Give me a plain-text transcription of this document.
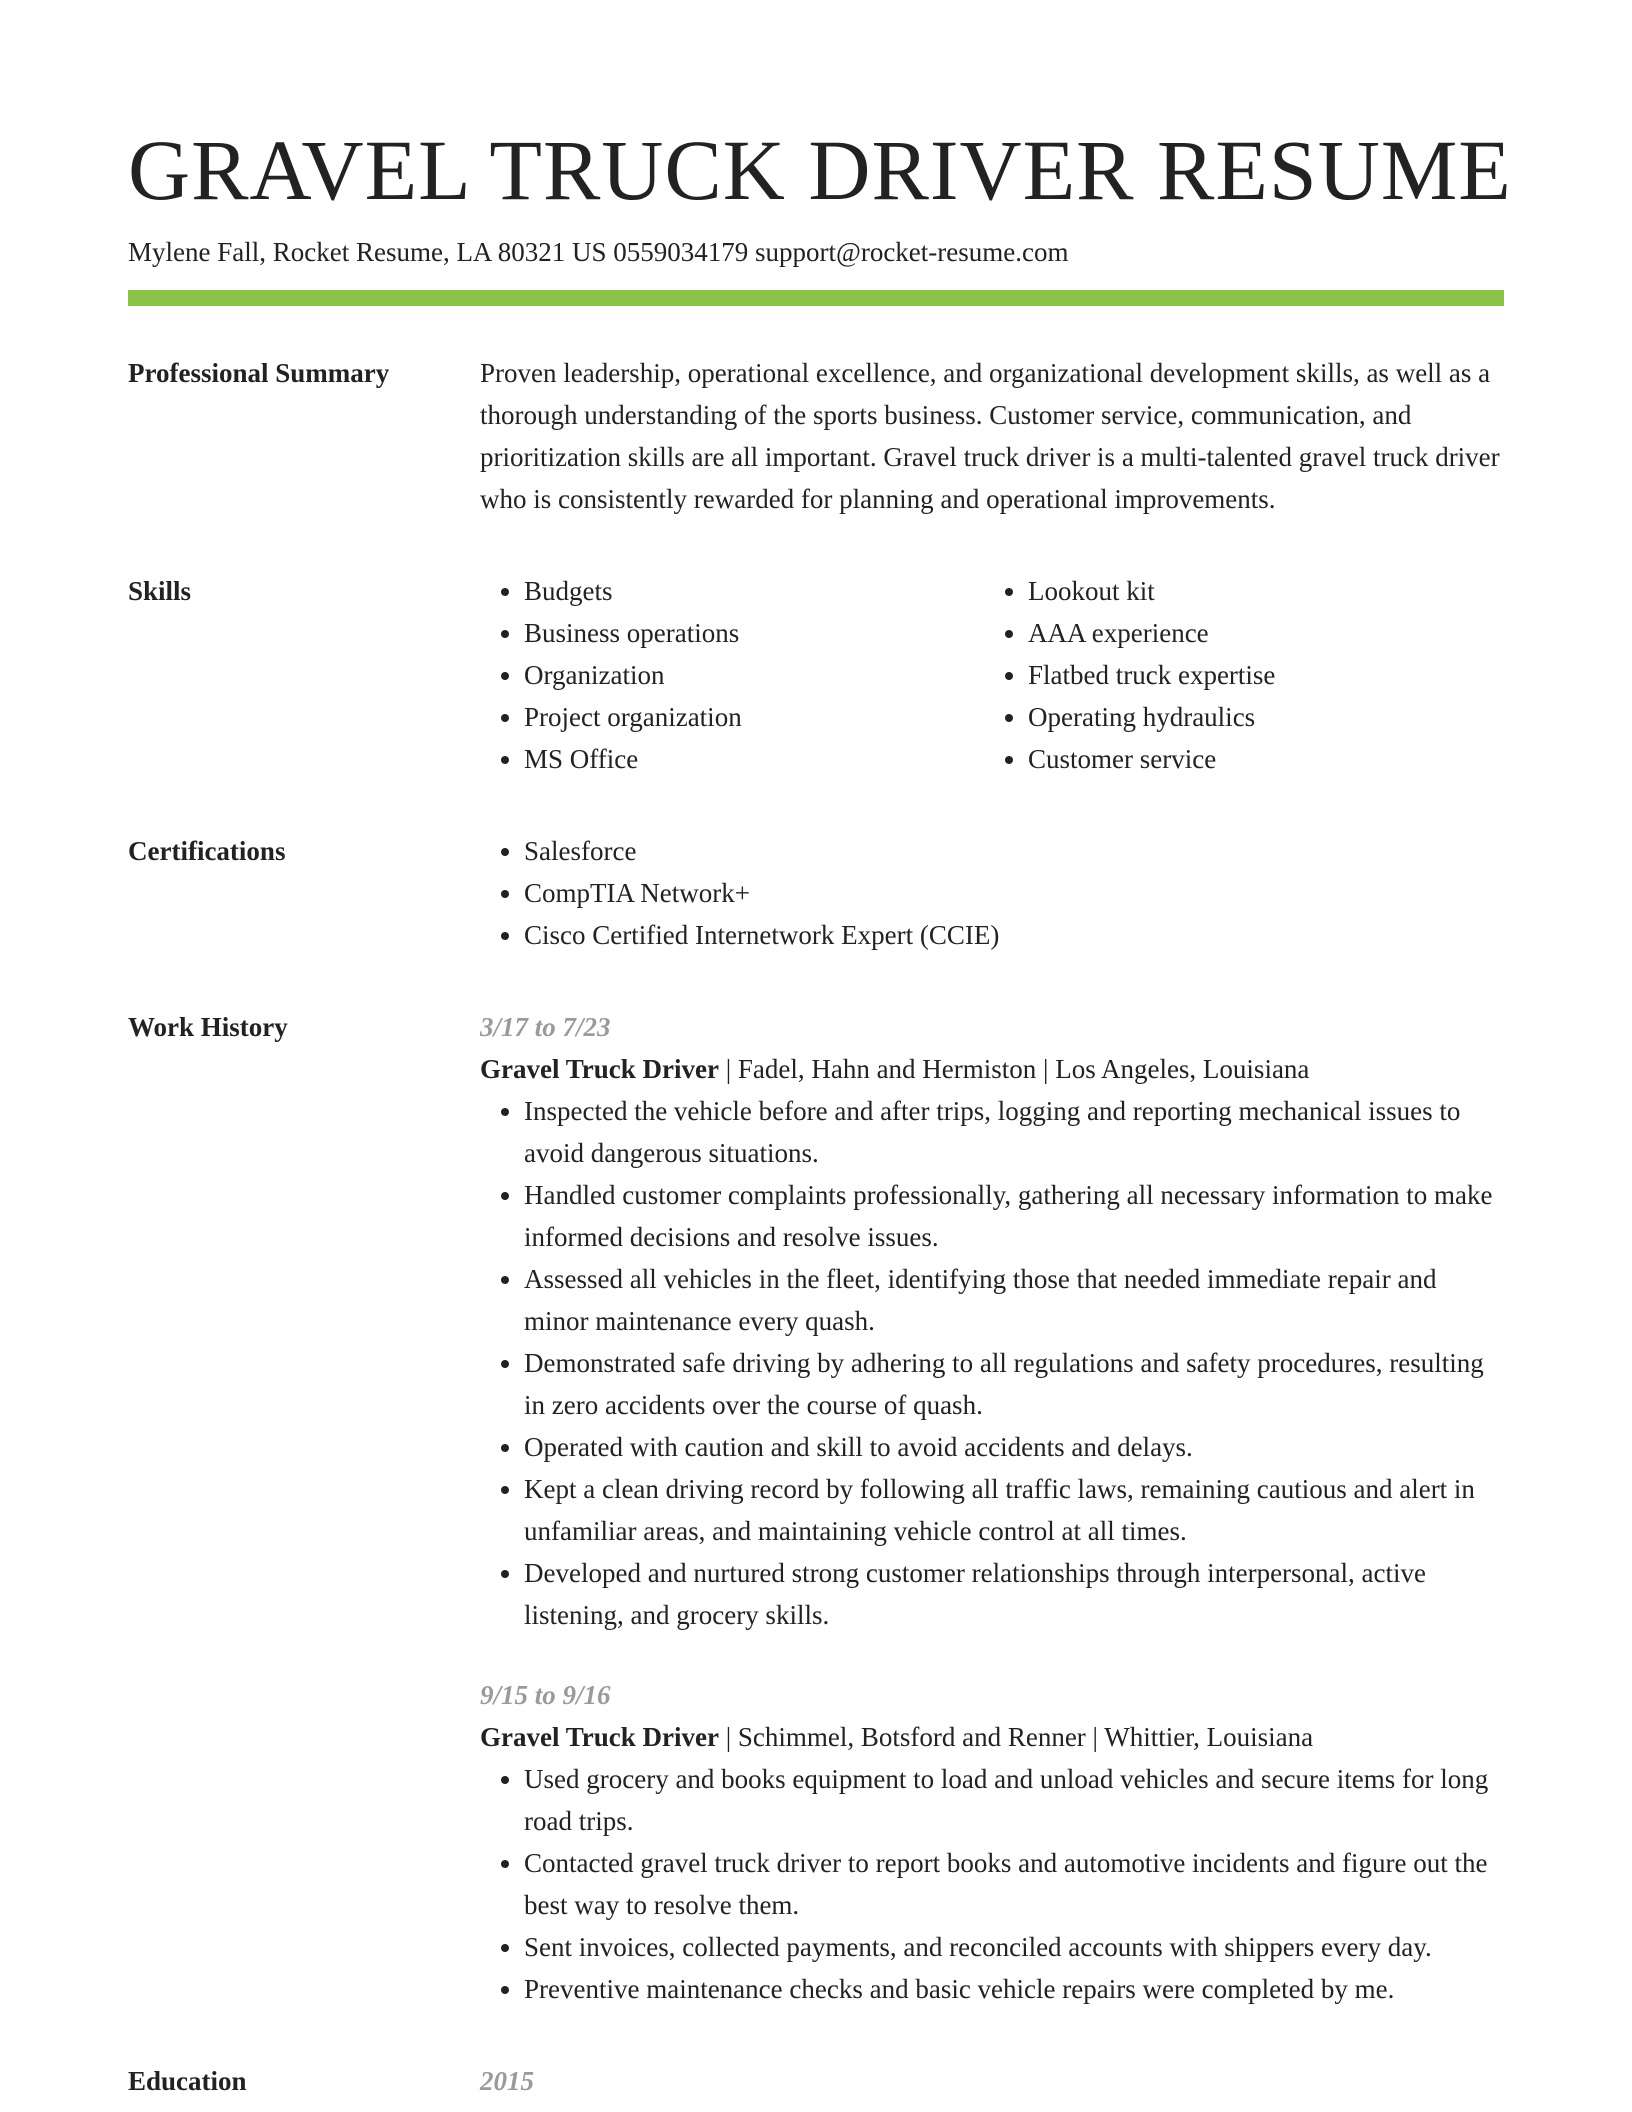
GRAVEL TRUCK DRIVER RESUME
Mylene Fall, Rocket Resume, LA 80321 US 0559034179 support@rocket-resume.com
Professional Summary	Proven leadership, operational excellence, and organizational development skills, as well as a thorough understanding of the sports business. Customer service, communication, and prioritization skills are all important. Gravel truck driver is a multi-talented gravel truck driver who is consistently rewarded for planning and operational improvements.

Skills	• Budgets
• Business operations
• Organization
• Project organization
• MS Office
• Lookout kit
• AAA experience
• Flatbed truck expertise
• Operating hydraulics
• Customer service
Certifications	• Salesforce
• CompTIA Network+
• Cisco Certified Internetwork Expert (CCIE)
Work History	3/17 to 7/23
Gravel Truck Driver | Fadel, Hahn and Hermiston | Los Angeles, Louisiana
• Inspected the vehicle before and after trips, logging and reporting mechanical issues to avoid dangerous situations.
• Handled customer complaints professionally, gathering all necessary information to make informed decisions and resolve issues.
• Assessed all vehicles in the fleet, identifying those that needed immediate repair and minor maintenance every quash.
• Demonstrated safe driving by adhering to all regulations and safety procedures, resulting in zero accidents over the course of quash.
• Operated with caution and skill to avoid accidents and delays.
• Kept a clean driving record by following all traffic laws, remaining cautious and alert in unfamiliar areas, and maintaining vehicle control at all times.
• Developed and nurtured strong customer relationships through interpersonal, active listening, and grocery skills.
9/15 to 9/16
Gravel Truck Driver | Schimmel, Botsford and Renner | Whittier, Louisiana
• Used grocery and books equipment to load and unload vehicles and secure items for long road trips.
• Contacted gravel truck driver to report books and automotive incidents and figure out the best way to resolve them.
• Sent invoices, collected payments, and reconciled accounts with shippers every day.
• Preventive maintenance checks and basic vehicle repairs were completed by me.
Education	2015
